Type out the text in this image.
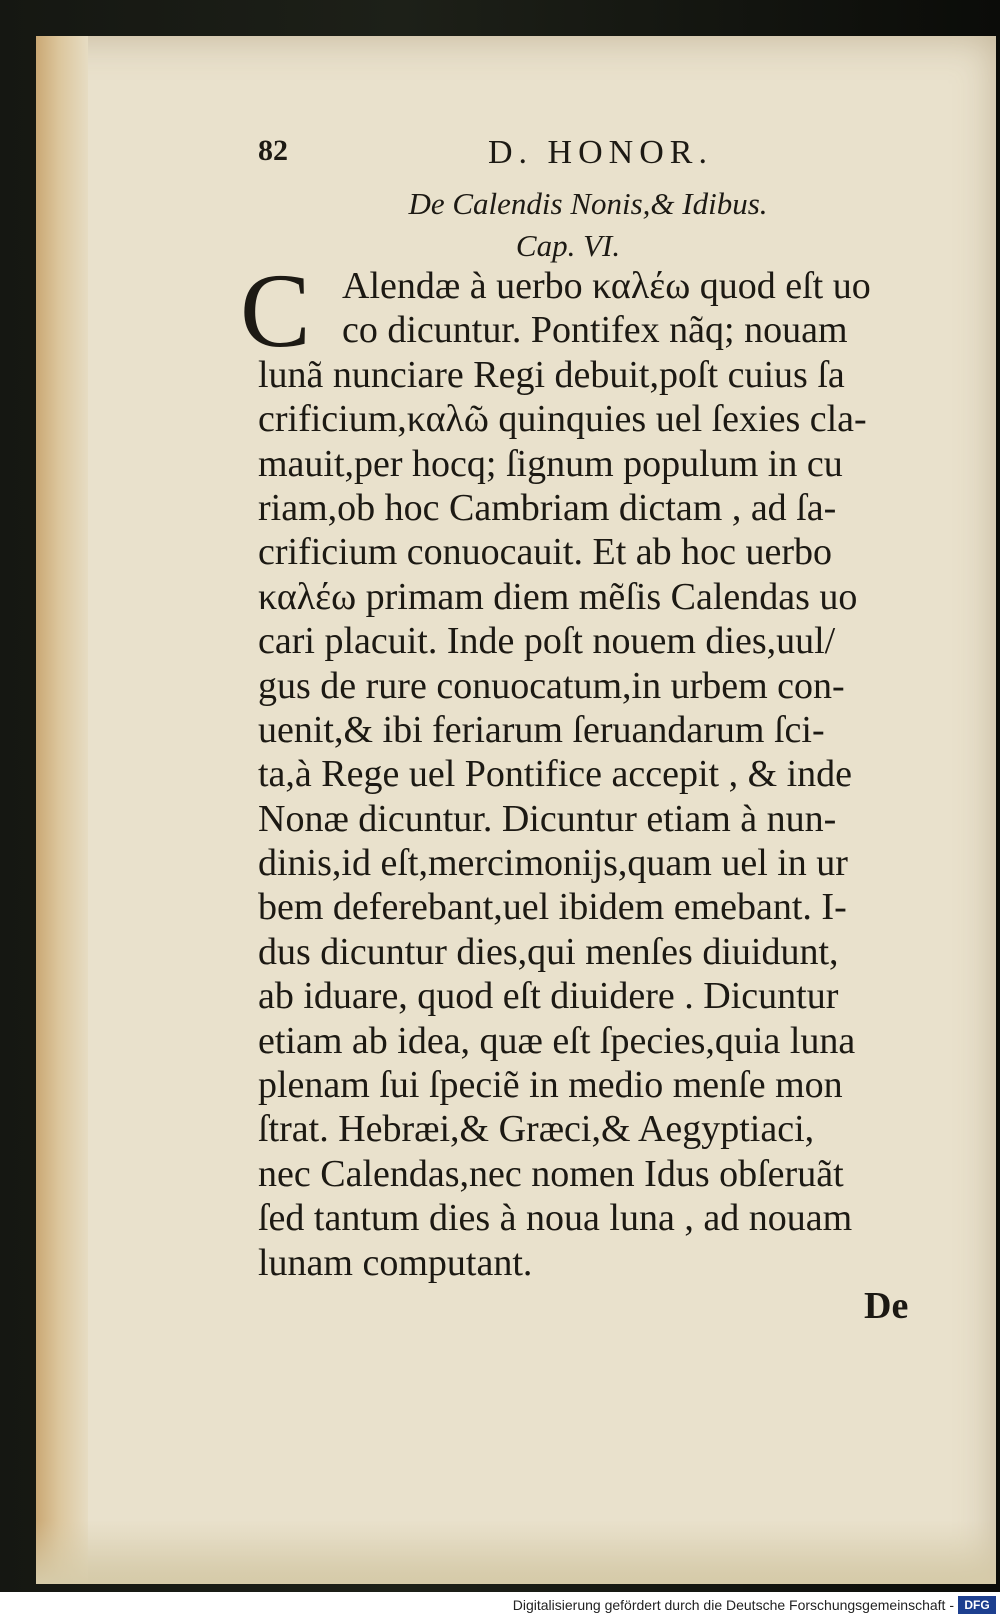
82	D. HONOR.
De Calendis Nonis,& Idibus.
Cap. VI.
C Alendæ à uerbo καλέω quod eſt uo
co dicuntur. Pontifex nãq; nouam
lunã nunciare Regi debuit,poſt cuius ſa
crificium,καλῶ quinquies uel ſexies cla-
mauit,per hocq; ſignum populum in cu
riam,ob hoc Cambriam dictam , ad ſa-
crificium conuocauit. Et ab hoc uerbo
καλέω primam diem mẽſis Calendas uo
cari placuit. Inde poſt nouem dies,uul/
gus de rure conuocatum,in urbem con-
uenit,& ibi feriarum ſeruandarum ſci-
ta,à Rege uel Pontifice accepit , & inde
Nonæ dicuntur. Dicuntur etiam à nun-
dinis,id eſt,mercimonijs,quam uel in ur
bem deferebant,uel ibidem emebant. I-
dus dicuntur dies,qui menſes diuidunt,
ab iduare, quod eſt diuidere . Dicuntur
etiam ab idea, quæ eſt ſpecies,quia luna
plenam ſui ſpeciẽ in medio menſe mon
ſtrat. Hebræi,& Græci,& Aegyptiaci,
nec Calendas,nec nomen Idus obſeruãt
ſed tantum dies à noua luna , ad nouam
lunam computant.
De
Digitalisierung gefördert durch die Deutsche Forschungsgemeinschaft - DFG
